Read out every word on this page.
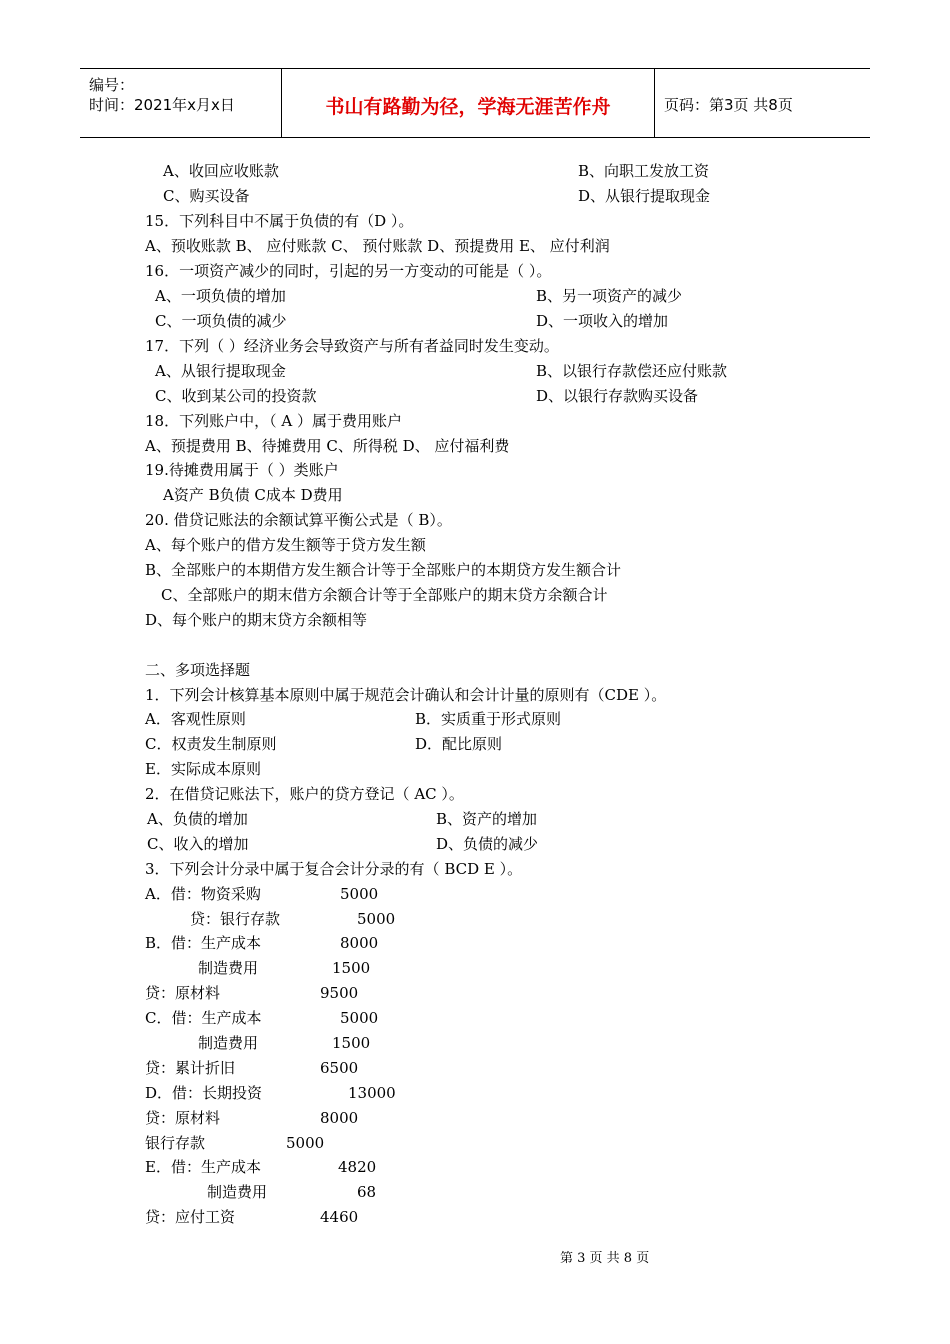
编号：
时间：2021年x月x日	书山有路勤为径，学海无涯苦作舟	页码：第3页 共8页
A、收回应收账款	B、向职工发放工资
C、购买设备	D、从银行提取现金
15．下列科目中不属于负债的有（D ）。
A、预收账款 B、 应付账款 C、 预付账款 D、预提费用 E、 应付利润
16．一项资产减少的同时，引起的另一方变动的可能是（ ）。
A、一项负债的增加	B、另一项资产的减少
C、一项负债的减少	D、一项收入的增加
17．下列（ ）经济业务会导致资产与所有者益同时发生变动。
A、从银行提取现金	B、以银行存款偿还应付账款
C、收到某公司的投资款	D、以银行存款购买设备
18．下列账户中，（ A ）属于费用账户
A、预提费用 B、待摊费用 C、所得税 D、 应付福利费
19.待摊费用属于（ ）类账户
A资产 B负债 C成本 D费用
20. 借贷记账法的余额试算平衡公式是（ B）。
A、每个账户的借方发生额等于贷方发生额
B、全部账户的本期借方发生额合计等于全部账户的本期贷方发生额合计
C、全部账户的期末借方余额合计等于全部账户的期末贷方余额合计
D、每个账户的期末贷方余额相等
二、多项选择题
1．下列会计核算基本原则中属于规范会计确认和会计计量的原则有（CDE ）。
A．客观性原则	B．实质重于形式原则
C．权责发生制原则	D．配比原则
E．实际成本原则
2．在借贷记账法下，账户的贷方登记（ AC ）。
A、负债的增加	B、资产的增加
C、收入的增加	D、负债的减少
3．下列会计分录中属于复合会计分录的有（ BCD E ）。
A．借：物资采购	5000
贷：银行存款	5000
B．借：生产成本	8000
制造费用	1500
贷：原材料	9500
C．借：生产成本	5000
制造费用	1500
贷：累计折旧	6500
D．借：长期投资	13000
贷：原材料	8000
银行存款	5000
E．借：生产成本	4820
制造费用	68
贷：应付工资	4460
第 3 页 共 8 页
